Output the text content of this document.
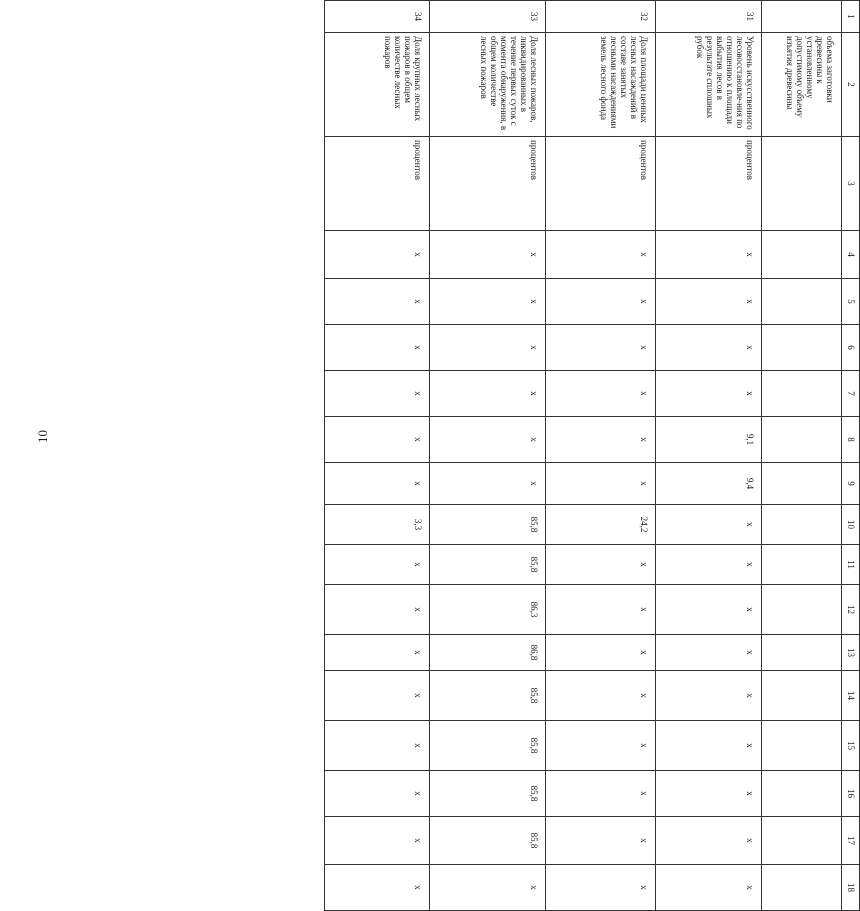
10
1	2	3	4	5	6	7	8	9	10	11	12	13	14	15	16	17	18
	объема заготовки древесины к установленному допустимому объему изъятия древесины																
31	Уровень искусственного лесовосстановле-ния по отношению к площади выбытия лесов в результате сплошных рубок	процентов	x	x	x	x	9,1	9,4	x	x	x	x	x	x	x	x	x
32	Доля площади ценных лесных насаждений в составе занятых лесными насаждениями земель лесного фонда	процентов	x	x	x	x	x	x	24,2	x	x	x	x	x	x	x	x
33	Доля лесных пожаров, ликвидированных в течение первых суток с момента обнаружения, в общем количестве лесных пожаров	процентов	x	x	x	x	x	x	85,8	85,8	86,3	86,8	85,8	85,8	85,8	85,8	x
34	Доля крупных лесных пожаров в общем количестве лесных пожаров	процентов	x	x	x	x	x	x	3,3	x	x	x	x	x	x	x	x
